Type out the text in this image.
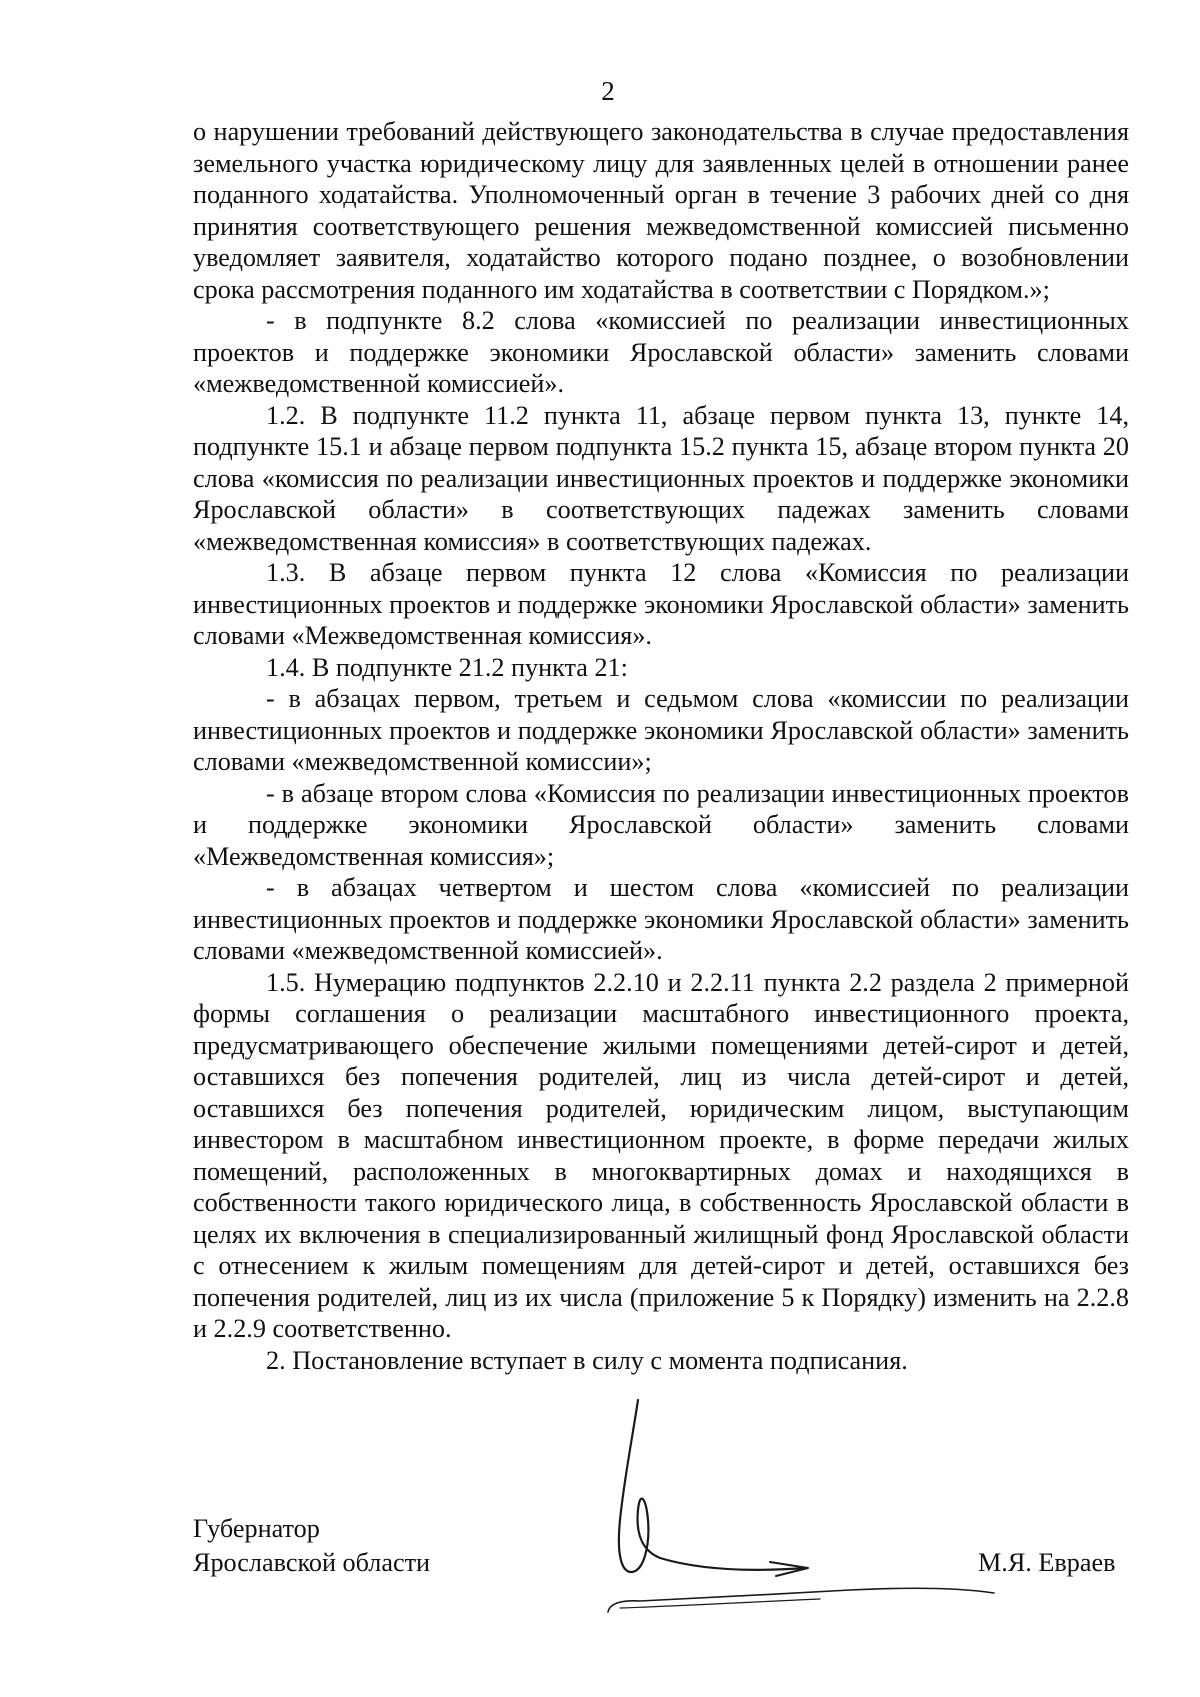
2

о нарушении требований действующего законодательства в случае предоставления земельного участка юридическому лицу для заявленных целей в отношении ранее поданного ходатайства. Уполномоченный орган в течение 3 рабочих дней со дня принятия соответствующего решения межведомственной комиссией письменно уведомляет заявителя, ходатайство которого подано позднее, о возобновлении срока рассмотрения поданного им ходатайства в соответствии с Порядком.»;

- в подпункте 8.2 слова «комиссией по реализации инвестиционных проектов и поддержке экономики Ярославской области» заменить словами «межведомственной комиссией».

1.2. В подпункте 11.2 пункта 11, абзаце первом пункта 13, пункте 14, подпункте 15.1 и абзаце первом подпункта 15.2 пункта 15, абзаце втором пункта 20 слова «комиссия по реализации инвестиционных проектов и поддержке экономики Ярославской области» в соответствующих падежах заменить словами «межведомственная комиссия» в соответствующих падежах.

1.3. В абзаце первом пункта 12 слова «Комиссия по реализации инвестиционных проектов и поддержке экономики Ярославской области» заменить словами «Межведомственная комиссия».

1.4. В подпункте 21.2 пункта 21:

- в абзацах первом, третьем и седьмом слова «комиссии по реализации инвестиционных проектов и поддержке экономики Ярославской области» заменить словами «межведомственной комиссии»;

- в абзаце втором слова «Комиссия по реализации инвестиционных проектов и поддержке экономики Ярославской области» заменить словами «Межведомственная комиссия»;

- в абзацах четвертом и шестом слова «комиссией по реализации инвестиционных проектов и поддержке экономики Ярославской области» заменить словами «межведомственной комиссией».

1.5. Нумерацию подпунктов 2.2.10 и 2.2.11 пункта 2.2 раздела 2 примерной формы соглашения о реализации масштабного инвестиционного проекта, предусматривающего обеспечение жилыми помещениями детей-сирот и детей, оставшихся без попечения родителей, лиц из числа детей-сирот и детей, оставшихся без попечения родителей, юридическим лицом, выступающим инвестором в масштабном инвестиционном проекте, в форме передачи жилых помещений, расположенных в многоквартирных домах и находящихся в собственности такого юридического лица, в собственность Ярославской области в целях их включения в специализированный жилищный фонд Ярославской области с отнесением к жилым помещениям для детей-сирот и детей, оставшихся без попечения родителей, лиц из их числа (приложение 5 к Порядку) изменить на 2.2.8 и 2.2.9 соответственно.

2. Постановление вступает в силу с момента подписания.

Губернатор
Ярославской области	М.Я. Евраев
